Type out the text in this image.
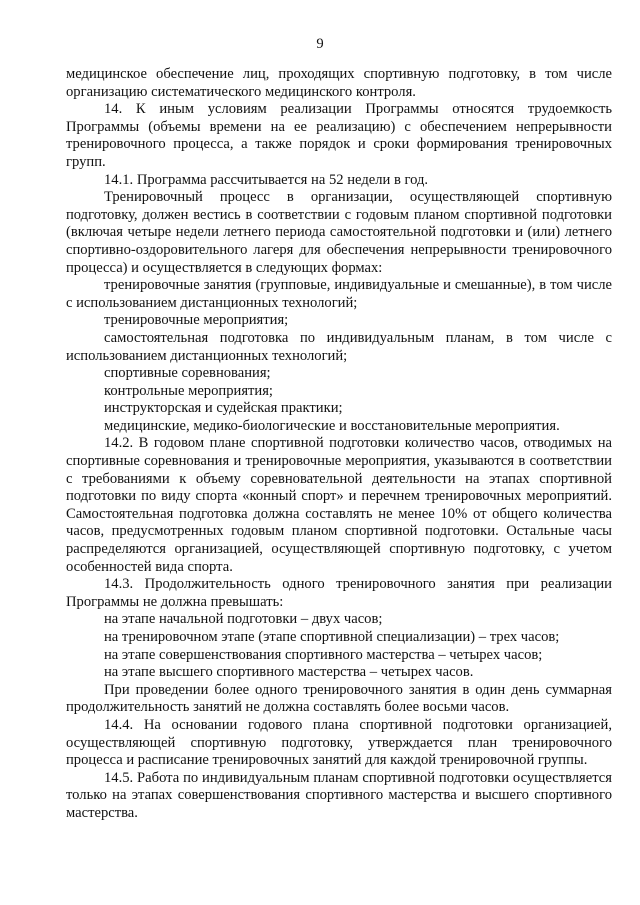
9

медицинское обеспечение лиц, проходящих спортивную подготовку, в том числе организацию систематического медицинского контроля.

14. К иным условиям реализации Программы относятся трудоемкость Программы (объемы времени на ее реализацию) с обеспечением непрерывности тренировочного процесса, а также порядок и сроки формирования тренировочных групп.

14.1. Программа рассчитывается на 52 недели в год.

Тренировочный процесс в организации, осуществляющей спортивную подготовку, должен вестись в соответствии с годовым планом спортивной подготовки (включая четыре недели летнего периода самостоятельной подготовки и (или) летнего спортивно-оздоровительного лагеря для обеспечения непрерывности тренировочного процесса) и осуществляется в следующих формах:

тренировочные занятия (групповые, индивидуальные и смешанные), в том числе с использованием дистанционных технологий;

тренировочные мероприятия;

самостоятельная подготовка по индивидуальным планам, в том числе с использованием дистанционных технологий;

спортивные соревнования;

контрольные мероприятия;

инструкторская и судейская практики;

медицинские, медико-биологические и восстановительные мероприятия.

14.2. В годовом плане спортивной подготовки количество часов, отводимых на спортивные соревнования и тренировочные мероприятия, указываются в соответствии с требованиями к объему соревновательной деятельности на этапах спортивной подготовки по виду спорта «конный спорт» и перечнем тренировочных мероприятий. Самостоятельная подготовка должна составлять не менее 10% от общего количества часов, предусмотренных годовым планом спортивной подготовки. Остальные часы распределяются организацией, осуществляющей спортивную подготовку, с учетом особенностей вида спорта.

14.3. Продолжительность одного тренировочного занятия при реализации Программы не должна превышать:

на этапе начальной подготовки – двух часов;

на тренировочном этапе (этапе спортивной специализации) – трех часов;

на этапе совершенствования спортивного мастерства – четырех часов;

на этапе высшего спортивного мастерства – четырех часов.

При проведении более одного тренировочного занятия в один день суммарная продолжительность занятий не должна составлять более восьми часов.

14.4. На основании годового плана спортивной подготовки организацией, осуществляющей спортивную подготовку, утверждается план тренировочного процесса и расписание тренировочных занятий для каждой тренировочной группы.

14.5. Работа по индивидуальным планам спортивной подготовки осуществляется только на этапах совершенствования спортивного мастерства и высшего спортивного мастерства.
